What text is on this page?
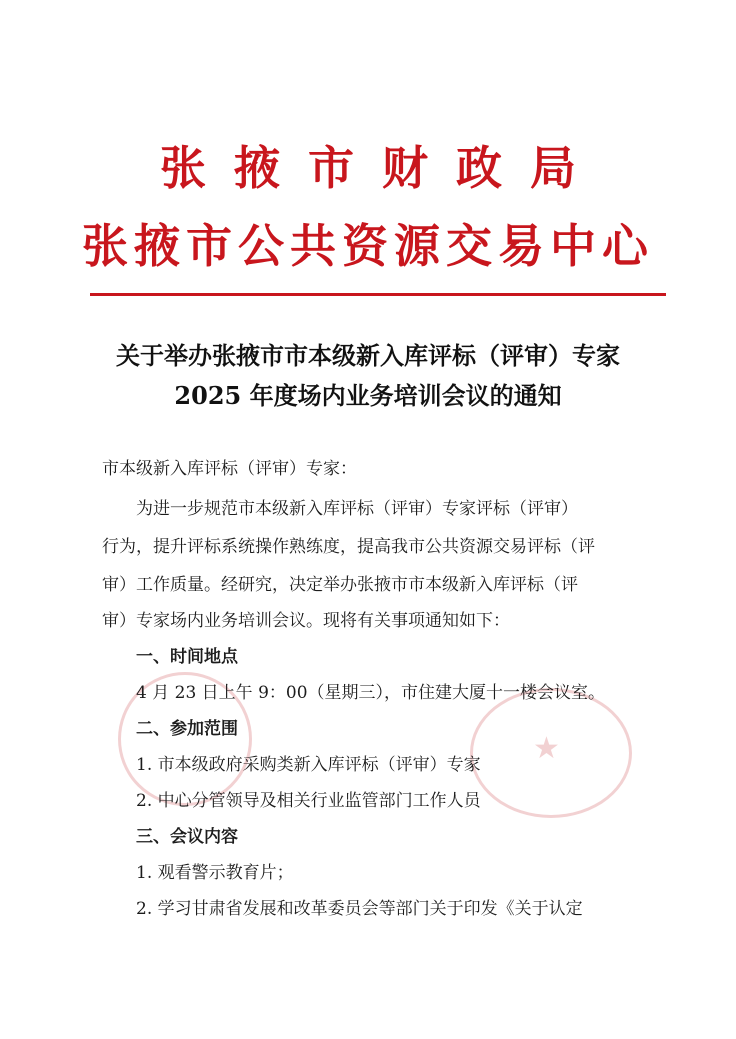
张掖市财政局
张掖市公共资源交易中心
关于举办张掖市市本级新入库评标（评审）专家
2025 年度场内业务培训会议的通知
★
市本级新入库评标（评审）专家：
为进一步规范市本级新入库评标（评审）专家评标（评审）
行为，提升评标系统操作熟练度，提高我市公共资源交易评标（评
审）工作质量。经研究，决定举办张掖市市本级新入库评标（评
审）专家场内业务培训会议。现将有关事项通知如下：
一、时间地点
4 月 23 日上午 9：00（星期三），市住建大厦十一楼会议室。
二、参加范围
1. 市本级政府采购类新入库评标（评审）专家
2. 中心分管领导及相关行业监管部门工作人员
三、会议内容
1. 观看警示教育片；
2. 学习甘肃省发展和改革委员会等部门关于印发《关于认定
